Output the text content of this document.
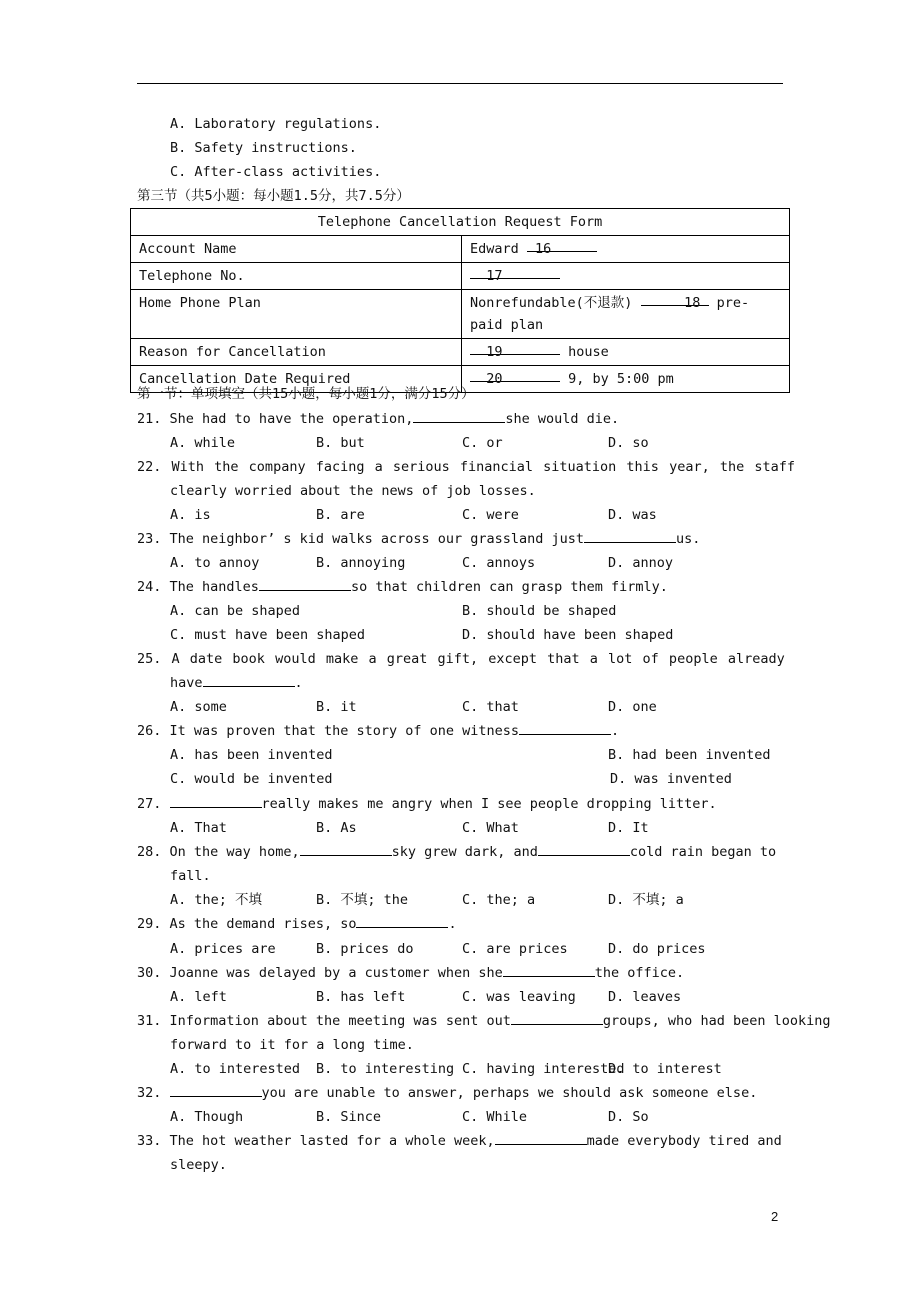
A. Laboratory regulations.
B. Safety instructions.
C. After-class activities.
第三节（共5小题：每小题1.5分，共7.5分）
Telephone Cancellation Request Form	
Account Name	Edward  16
Telephone No.	17
Home Phone Plan	Nonrefundable(不退款) 18  pre-paid plan
Reason for Cancellation	19 house
Cancellation Date Required	20 9, by 5:00 pm
第一节：单项填空（共15小题，每小题1分，满分15分）
21. She had to have the operation,	she would die.
A. while	B. but	C. or	D. so
22. With the company facing a serious financial situation this year, the staff
clearly worried about the news of job losses.
A. is	B. are	C. were	D. was
23. The neighbor’ s kid walks across our grassland just	us.
A. to annoy	B. annoying	C. annoys	D. annoy
24. The handles	so that children can grasp them firmly.
A. can be shaped	B. should be shaped
C. must have been shaped	D. should have been shaped
25. A date book would make a great gift, except that a lot of people already
have	.
A. some	B. it	C. that	D. one
26. It was proven that the story of one witness	.
A. has been invented	B. had been invented
C. would be invented	D. was invented
27.	really makes me angry when I see people dropping litter.
A. That	B. As	C. What	D. It
28. On the way home,	sky grew dark, and	cold rain began to
fall.
A. the; 不填	B. 不填; the	C. the; a	D. 不填; a
29. As the demand rises, so	.
A. prices are	B. prices do	C. are prices	D. do prices
30. Joanne was delayed by a customer when she	the office.
A. left	B. has left	C. was leaving D. leaves
31. Information about the meeting was sent out	groups, who had been looking
forward to it for a long time.
A. to interested B. to interesting C. having interestedD. to interest
32.	you are unable to answer, perhaps we should ask someone else.
A. Though	B. Since	C. While	D. So
33. The hot weather lasted for a whole week,	made everybody tired and
sleepy.
2
